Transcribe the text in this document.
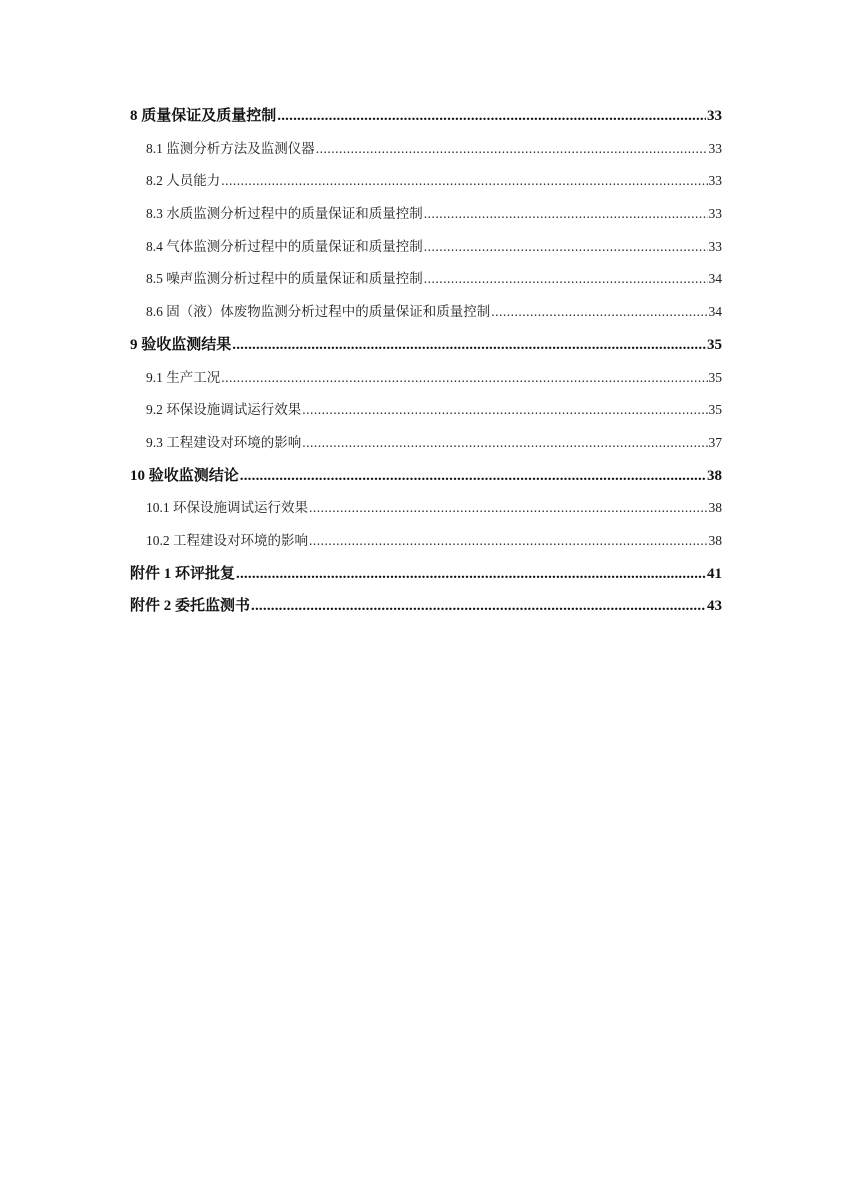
8 质量保证及质量控制 .....	33
8.1 监测分析方法及监测仪器 .....	33
8.2 人员能力 .....	33
8.3 水质监测分析过程中的质量保证和质量控制 .....	33
8.4 气体监测分析过程中的质量保证和质量控制 .....	33
8.5 噪声监测分析过程中的质量保证和质量控制 .....	34
8.6 固（液）体废物监测分析过程中的质量保证和质量控制 .....	34
9 验收监测结果 .....	35
9.1 生产工况 .....	35
9.2 环保设施调试运行效果 .....	35
9.3 工程建设对环境的影响 .....	37
10 验收监测结论 .....	38
10.1 环保设施调试运行效果 .....	38
10.2 工程建设对环境的影响 .....	38
附件 1 环评批复 .....	41
附件 2 委托监测书 .....	43
